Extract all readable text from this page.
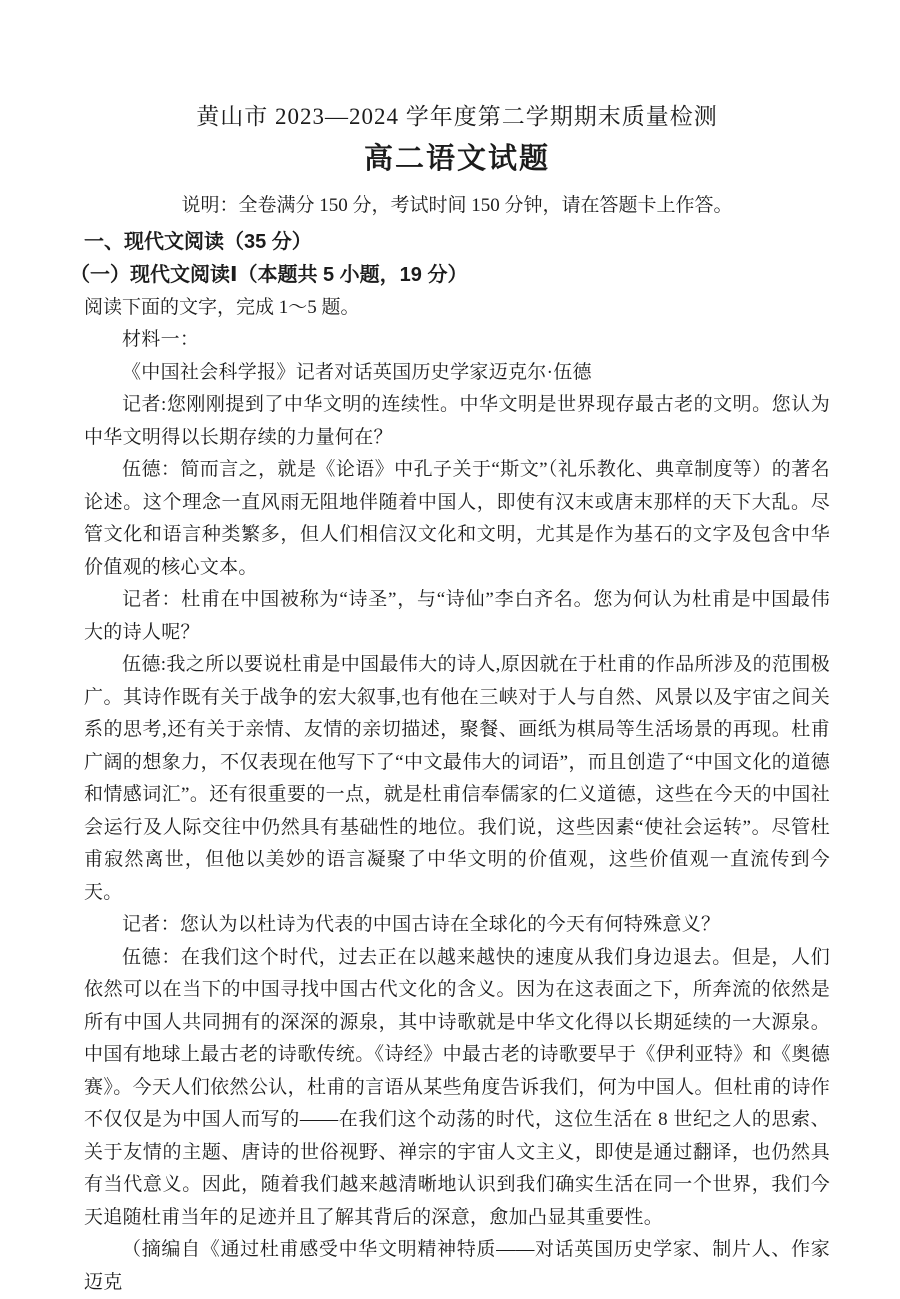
黄山市 2023—2024 学年度第二学期期末质量检测
高二语文试题

说明：全卷满分 150 分，考试时间 150 分钟，请在答题卡上作答。

一、现代文阅读（35 分）
（一）现代文阅读Ⅰ（本题共 5 小题，19 分）

阅读下面的文字，完成 1～5 题。

材料一：

《中国社会科学报》记者对话英国历史学家迈克尔·伍德

记者:您刚刚提到了中华文明的连续性。中华文明是世界现存最古老的文明。您认为中华文明得以长期存续的力量何在？

伍德：简而言之，就是《论语》中孔子关于“斯文”（礼乐教化、典章制度等）的著名论述。这个理念一直风雨无阻地伴随着中国人，即使有汉末或唐末那样的天下大乱。尽管文化和语言种类繁多，但人们相信汉文化和文明，尤其是作为基石的文字及包含中华价值观的核心文本。

记者：杜甫在中国被称为“诗圣”，与“诗仙”李白齐名。您为何认为杜甫是中国最伟大的诗人呢？

伍德:我之所以要说杜甫是中国最伟大的诗人,原因就在于杜甫的作品所涉及的范围极广。其诗作既有关于战争的宏大叙事,也有他在三峡对于人与自然、风景以及宇宙之间关系的思考,还有关于亲情、友情的亲切描述，聚餐、画纸为棋局等生活场景的再现。杜甫广阔的想象力，不仅表现在他写下了“中文最伟大的词语”，而且创造了“中国文化的道德和情感词汇”。还有很重要的一点，就是杜甫信奉儒家的仁义道德，这些在今天的中国社会运行及人际交往中仍然具有基础性的地位。我们说，这些因素“使社会运转”。尽管杜甫寂然离世，但他以美妙的语言凝聚了中华文明的价值观，这些价值观一直流传到今天。

记者：您认为以杜诗为代表的中国古诗在全球化的今天有何特殊意义？

伍德：在我们这个时代，过去正在以越来越快的速度从我们身边退去。但是，人们依然可以在当下的中国寻找中国古代文化的含义。因为在这表面之下，所奔流的依然是所有中国人共同拥有的深深的源泉，其中诗歌就是中华文化得以长期延续的一大源泉。中国有地球上最古老的诗歌传统。《诗经》中最古老的诗歌要早于《伊利亚特》和《奥德赛》。今天人们依然公认，杜甫的言语从某些角度告诉我们，何为中国人。但杜甫的诗作不仅仅是为中国人而写的——在我们这个动荡的时代，这位生活在 8 世纪之人的思索、关于友情的主题、唐诗的世俗视野、禅宗的宇宙人文主义，即使是通过翻译，也仍然具有当代意义。因此，随着我们越来越清晰地认识到我们确实生活在同一个世界，我们今天追随杜甫当年的足迹并且了解其背后的深意，愈加凸显其重要性。

（摘编自《通过杜甫感受中华文明精神特质——对话英国历史学家、制片人、作家迈克
